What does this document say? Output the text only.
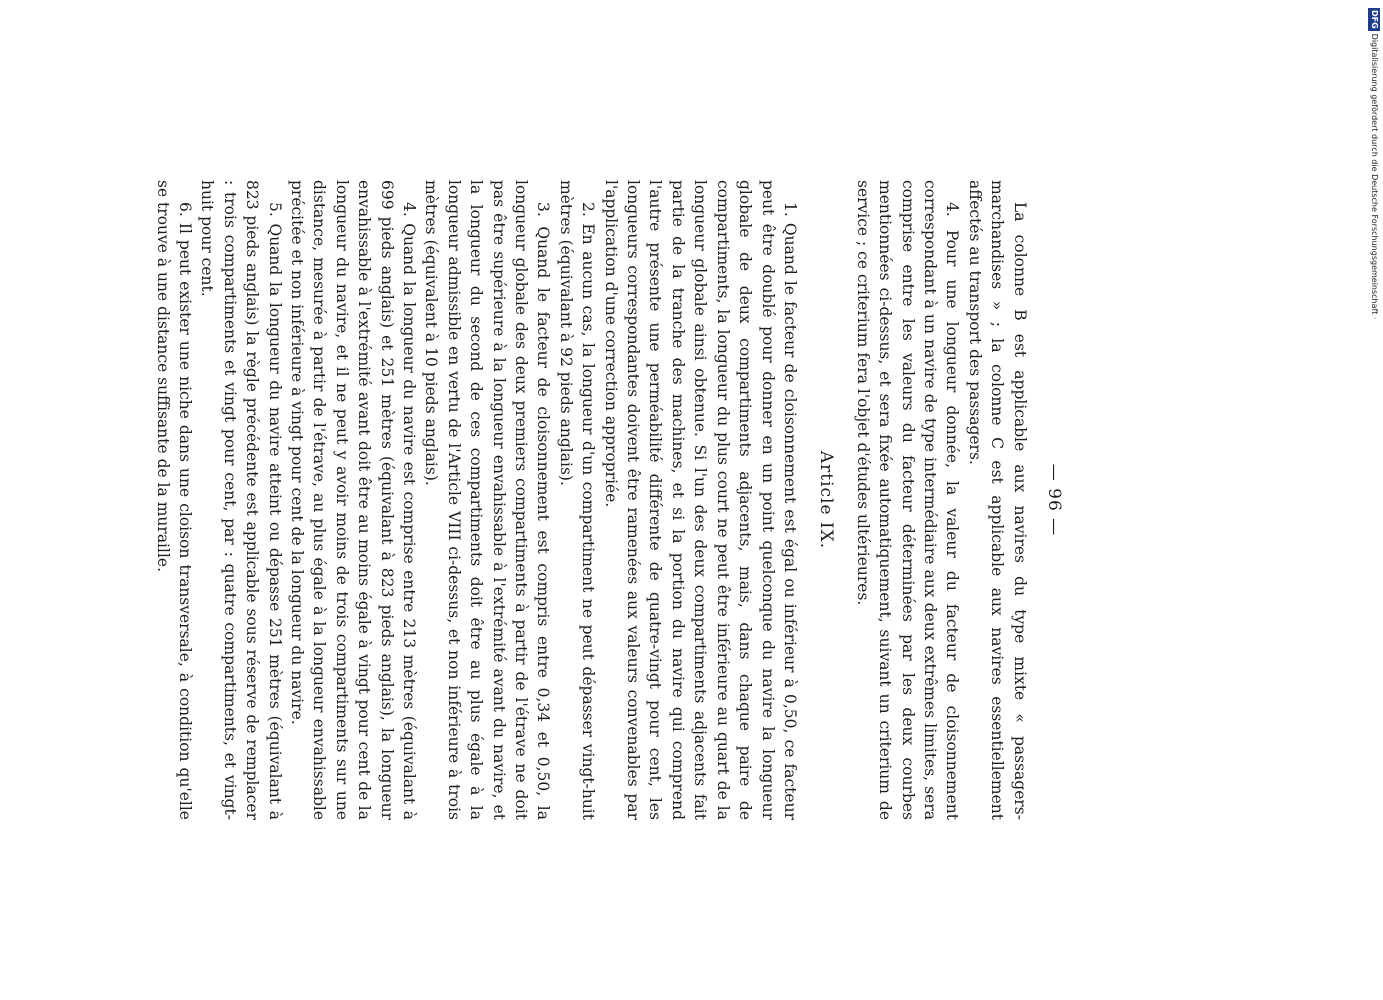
— 96 —

La colonne B est applicable aux navires du type mixte « passagers-marchandises » ; la colonne C est applicable aux navires essentiellement affectés au transport des passagers.

4. Pour une longueur donnée, la valeur du facteur de cloisonnement correspondant à un navire de type intermédiaire aux deux extrêmes limites, sera comprise entre les valeurs du facteur déterminées par les deux courbes mentionnées ci-dessus, et sera fixée automatiquement, suivant un criterium de service ; ce criterium fera l'objet d'études ultérieures.

Article IX.

1. Quand le facteur de cloisonnement est égal ou inférieur à 0,50, ce facteur peut être doublé pour donner en un point quelconque du navire la longueur globale de deux compartiments adjacents, mais, dans chaque paire de compartiments, la longueur du plus court ne peut être inférieure au quart de la longueur globale ainsi obtenue. Si l'un des deux compartiments adjacents fait partie de la tranche des machines, et si la portion du navire qui comprend l'autre présente une perméabilité différente de quatre-vingt pour cent, les longueurs correspondantes doivent être ramenées aux valeurs convenables par l'application d'une correction appropriée.

2. En aucun cas, la longueur d'un compartiment ne peut dépasser vingt-huit mètres (équivalant à 92 pieds anglais).

3. Quand le facteur de cloisonnement est compris entre 0,34 et 0,50, la longueur globale des deux premiers compartiments à partir de l'étrave ne doit pas être supérieure à la longueur envahissable à l'extrémité avant du navire, et la longueur du second de ces compartiments doit être au plus égale à la longueur admissible en vertu de l'Article VIII ci-dessus, et non inférieure à trois mètres (équivalent à 10 pieds anglais).

4. Quand la longueur du navire est comprise entre 213 mètres (équivalant à 699 pieds anglais) et 251 mètres (équivalant à 823 pieds anglais), la longueur envahissable à l'extrémité avant doit être au moins égale à vingt pour cent de la longueur du navire, et il ne peut y avoir moins de trois compartiments sur une distance, mesurée à partir de l'étrave, au plus égale à la longueur envahissable précitée et non inférieure à vingt pour cent de la longueur du navire.

5. Quand la longueur du navire atteint ou dépasse 251 mètres (équivalant à 823 pieds anglais) la règle précédente est applicable sous réserve de remplacer : trois compartiments et vingt pour cent, par : quatre compartiments, et vingt-huit pour cent.

6. Il peut exister une niche dans une cloison transversale, à condition qu'elle se trouve à une distance suffisante de la muraille.

DFGDigitalisierung gefördert durch die Deutsche Forschungsgemeinschaft ·
